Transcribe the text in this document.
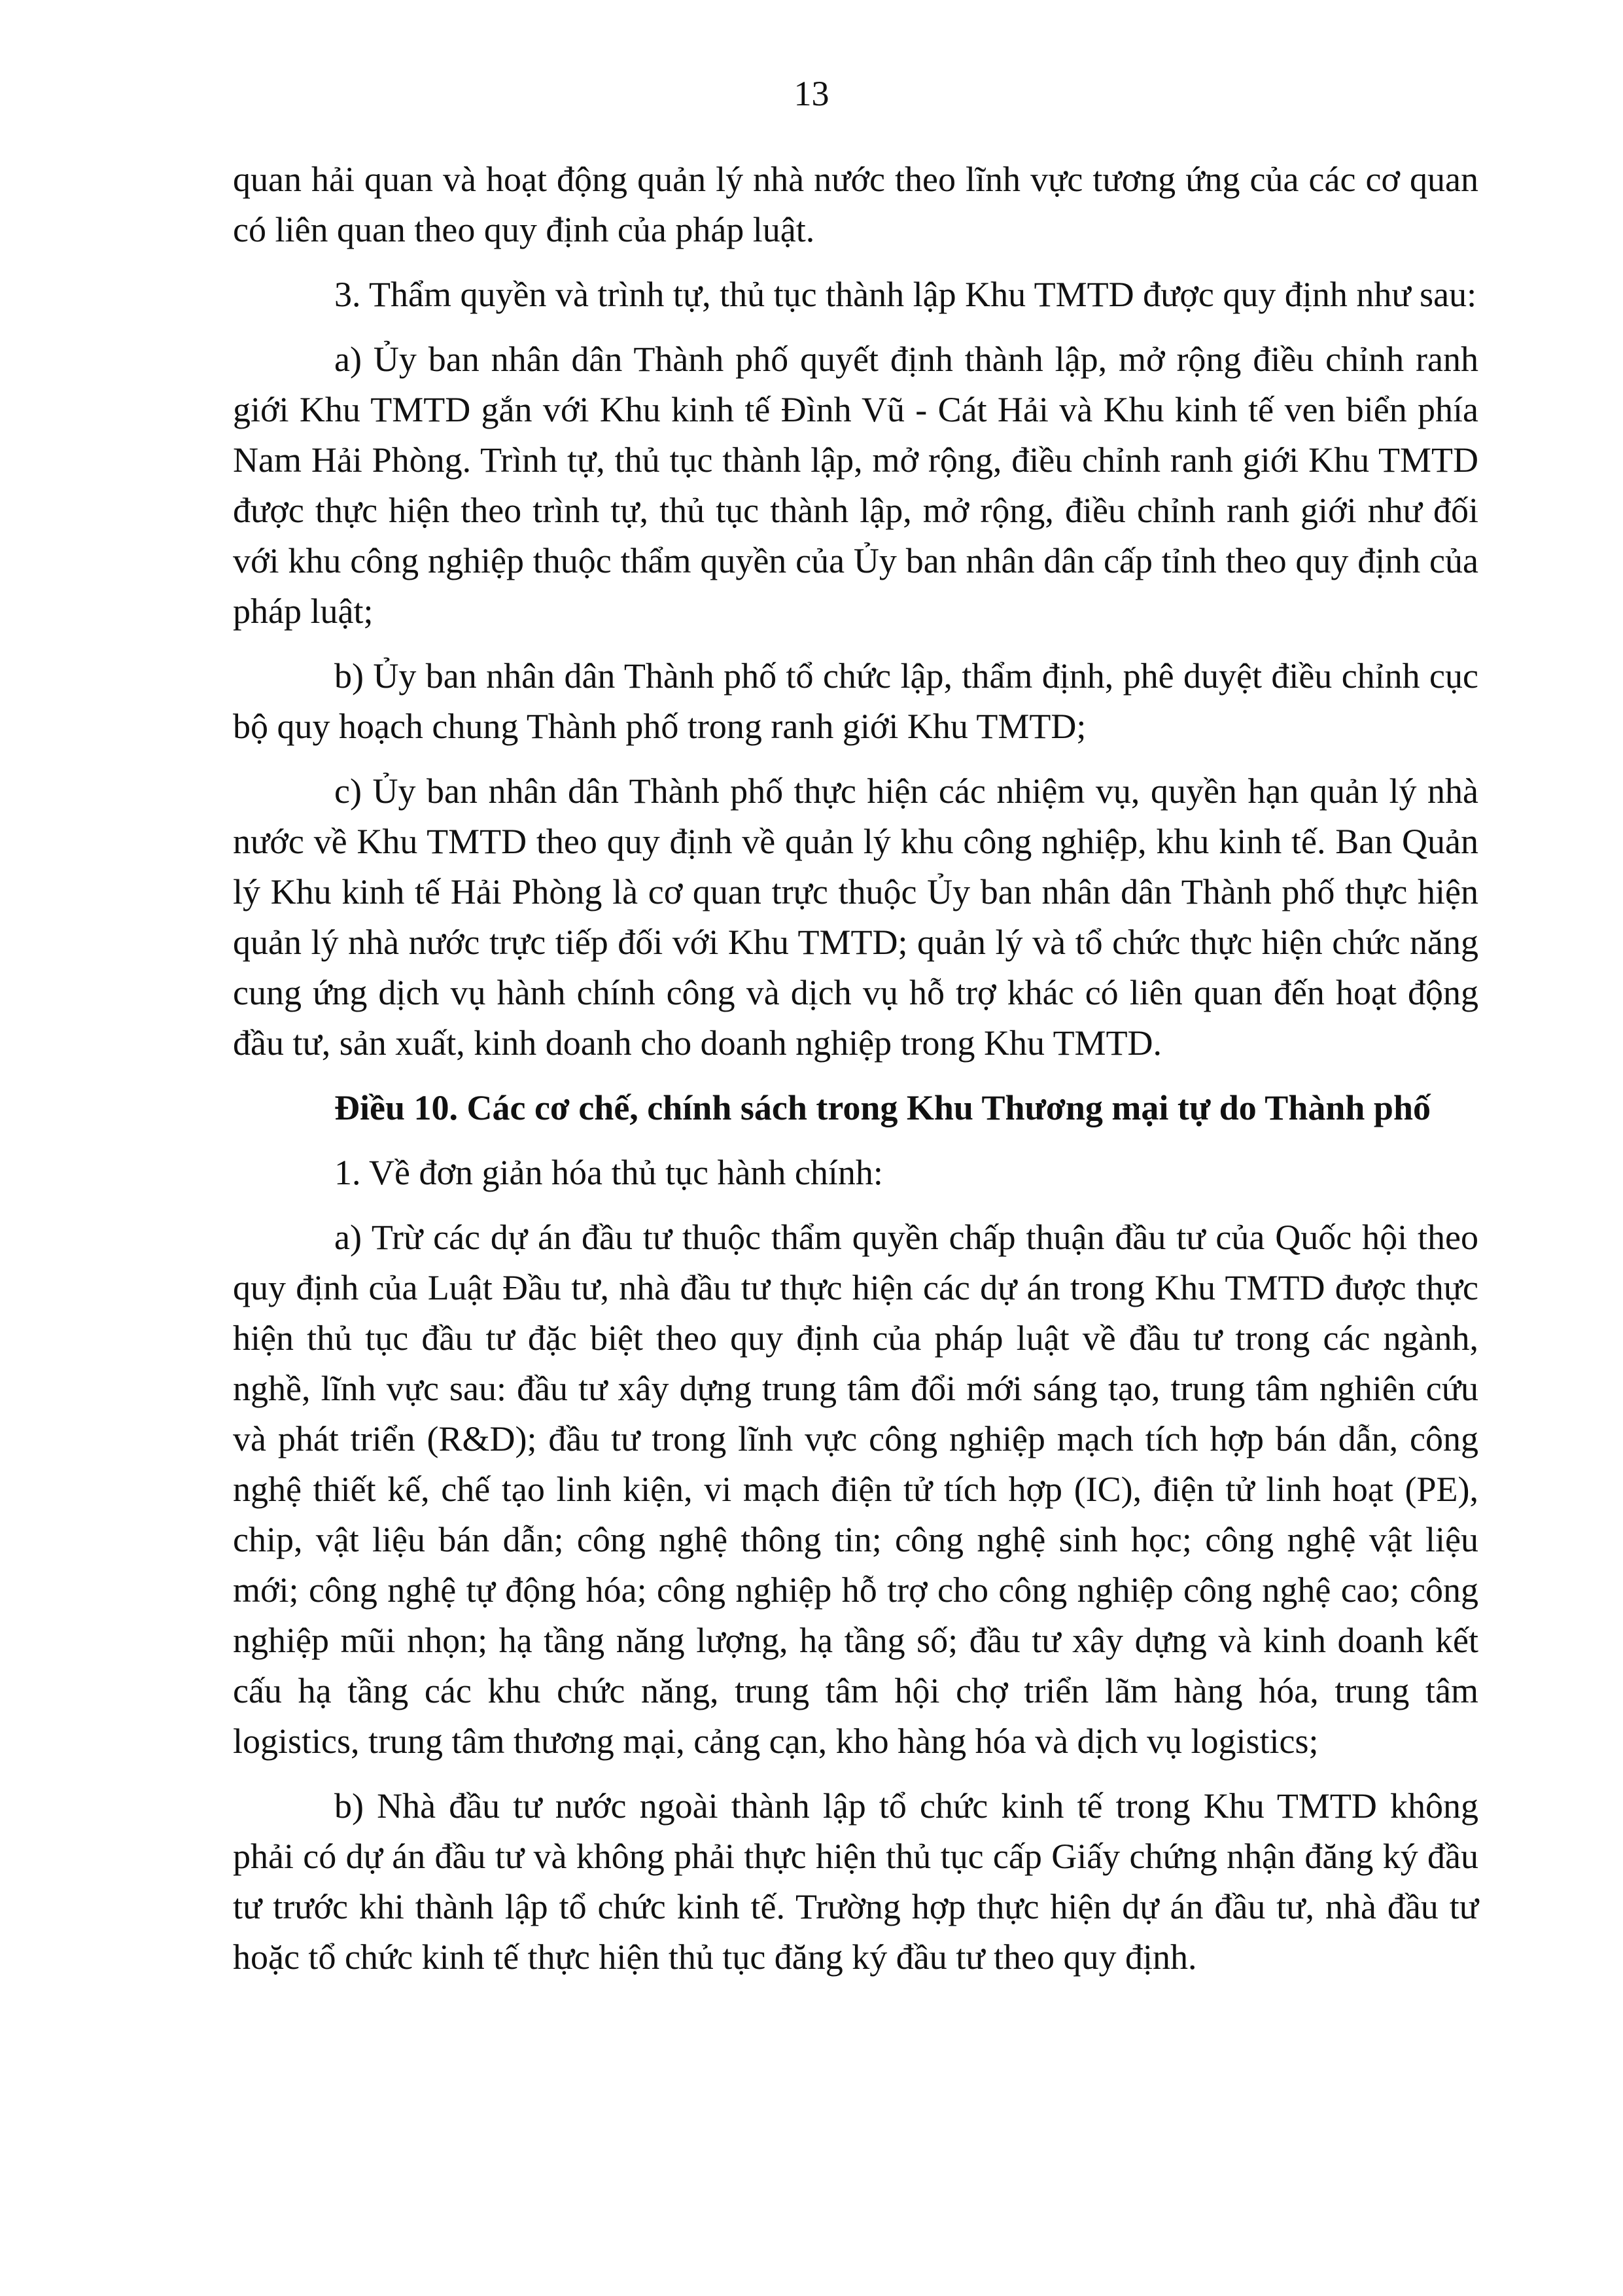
13

quan hải quan và hoạt động quản lý nhà nước theo lĩnh vực tương ứng của các cơ quan có liên quan theo quy định của pháp luật.

3. Thẩm quyền và trình tự, thủ tục thành lập Khu TMTD được quy định như sau:

a) Ủy ban nhân dân Thành phố quyết định thành lập, mở rộng điều chỉnh ranh giới Khu TMTD gắn với Khu kinh tế Đình Vũ - Cát Hải và Khu kinh tế ven biển phía Nam Hải Phòng. Trình tự, thủ tục thành lập, mở rộng, điều chỉnh ranh giới Khu TMTD được thực hiện theo trình tự, thủ tục thành lập, mở rộng, điều chỉnh ranh giới như đối với khu công nghiệp thuộc thẩm quyền của Ủy ban nhân dân cấp tỉnh theo quy định của pháp luật;

b) Ủy ban nhân dân Thành phố tổ chức lập, thẩm định, phê duyệt điều chỉnh cục bộ quy hoạch chung Thành phố trong ranh giới Khu TMTD;

c) Ủy ban nhân dân Thành phố thực hiện các nhiệm vụ, quyền hạn quản lý nhà nước về Khu TMTD theo quy định về quản lý khu công nghiệp, khu kinh tế. Ban Quản lý Khu kinh tế Hải Phòng là cơ quan trực thuộc Ủy ban nhân dân Thành phố thực hiện quản lý nhà nước trực tiếp đối với Khu TMTD; quản lý và tổ chức thực hiện chức năng cung ứng dịch vụ hành chính công và dịch vụ hỗ trợ khác có liên quan đến hoạt động đầu tư, sản xuất, kinh doanh cho doanh nghiệp trong Khu TMTD.

Điều 10. Các cơ chế, chính sách trong Khu Thương mại tự do Thành phố

1. Về đơn giản hóa thủ tục hành chính:

a) Trừ các dự án đầu tư thuộc thẩm quyền chấp thuận đầu tư của Quốc hội theo quy định của Luật Đầu tư, nhà đầu tư thực hiện các dự án trong Khu TMTD được thực hiện thủ tục đầu tư đặc biệt theo quy định của pháp luật về đầu tư trong các ngành, nghề, lĩnh vực sau: đầu tư xây dựng trung tâm đổi mới sáng tạo, trung tâm nghiên cứu và phát triển (R&D); đầu tư trong lĩnh vực công nghiệp mạch tích hợp bán dẫn, công nghệ thiết kế, chế tạo linh kiện, vi mạch điện tử tích hợp (IC), điện tử linh hoạt (PE), chip, vật liệu bán dẫn; công nghệ thông tin; công nghệ sinh học; công nghệ vật liệu mới; công nghệ tự động hóa; công nghiệp hỗ trợ cho công nghiệp công nghệ cao; công nghiệp mũi nhọn; hạ tầng năng lượng, hạ tầng số; đầu tư xây dựng và kinh doanh kết cấu hạ tầng các khu chức năng, trung tâm hội chợ triển lãm hàng hóa, trung tâm logistics, trung tâm thương mại, cảng cạn, kho hàng hóa và dịch vụ logistics;

b) Nhà đầu tư nước ngoài thành lập tổ chức kinh tế trong Khu TMTD không phải có dự án đầu tư và không phải thực hiện thủ tục cấp Giấy chứng nhận đăng ký đầu tư trước khi thành lập tổ chức kinh tế. Trường hợp thực hiện dự án đầu tư, nhà đầu tư hoặc tổ chức kinh tế thực hiện thủ tục đăng ký đầu tư theo quy định.
